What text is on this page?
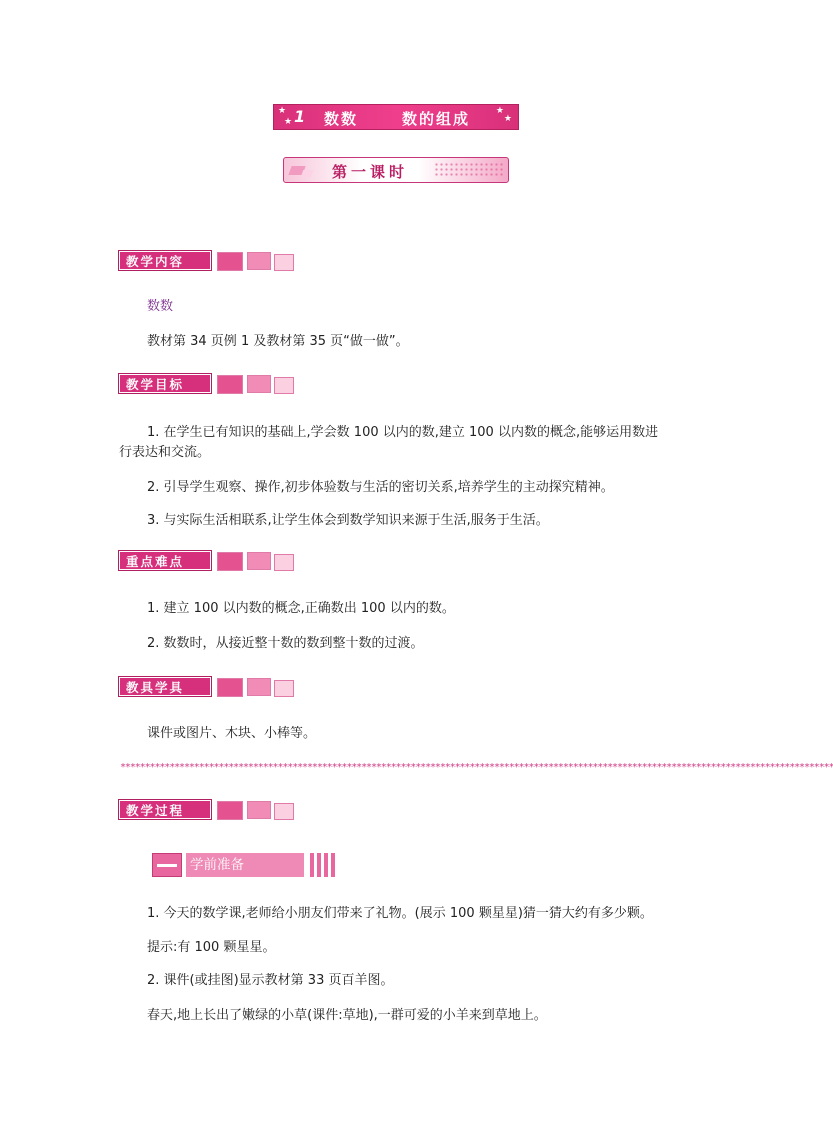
★
★ 1 数数	数的组成	★
★
第一课时
教学内容
数数
教材第 34 页例 1 及教材第 35 页“做一做”。
教学目标
1. 在学生已有知识的基础上,学会数 100 以内的数,建立 100 以内数的概念,能够运用数进
行表达和交流。
2. 引导学生观察、操作,初步体验数与生活的密切关系,培养学生的主动探究精神。
3. 与实际生活相联系,让学生体会到数学知识来源于生活,服务于生活。
重点难点
1. 建立 100 以内数的概念,正确数出 100 以内的数。
2. 数数时，从接近整十数的数到整十数的过渡。
教具学具
课件或图片、木块、小棒等。
*************************************************************************************************************************************************
教学过程
学前准备
1. 今天的数学课,老师给小朋友们带来了礼物。(展示 100 颗星星)猜一猜大约有多少颗。
提示:有 100 颗星星。
2. 课件(或挂图)显示教材第 33 页百羊图。
春天,地上长出了嫩绿的小草(课件:草地),一群可爱的小羊来到草地上。
